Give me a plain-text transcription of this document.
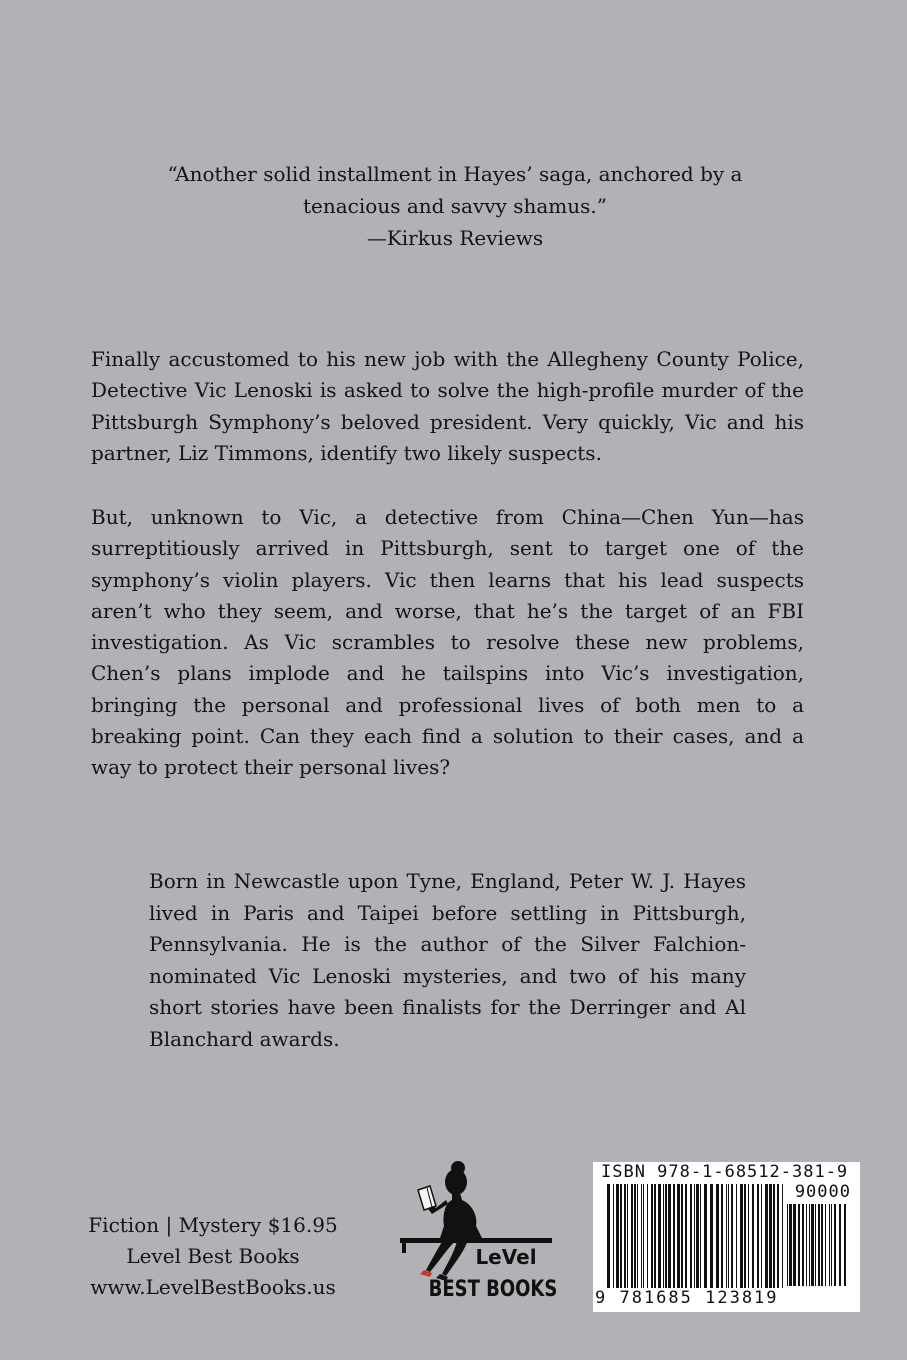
“Another solid installment in Hayes’ saga, anchored by a
tenacious and savvy shamus.”
—Kirkus Reviews
Finally accustomed to his new job with the Allegheny County Police, Detective Vic Lenoski is asked to solve the high-profile murder of the Pittsburgh Symphony’s beloved president. Very quickly, Vic and his partner, Liz Timmons, identify two likely suspects.
But, unknown to Vic, a detective from China—Chen Yun—has surreptitiously arrived in Pittsburgh, sent to target one of the symphony’s violin players. Vic then learns that his lead suspects aren’t who they seem, and worse, that he’s the target of an FBI investigation. As Vic scrambles to resolve these new problems, Chen’s plans implode and he tailspins into Vic’s investigation, bringing the personal and professional lives of both men to a breaking point. Can they each find a solution to their cases, and a way to protect their personal lives?
Born in Newcastle upon Tyne, England, Peter W. J. Hayes lived in Paris and Taipei before settling in Pittsburgh, Pennsylvania. He is the author of the Silver Falchion-nominated Vic Lenoski mysteries, and two of his many short stories have been finalists for the Derringer and Al Blanchard awards.
Fiction | Mystery $16.95
Level Best Books
www.LevelBestBooks.us
LeVel
BEST BOOKS
ISBN 978-1-68512-381-9
90000
9 781685 123819
